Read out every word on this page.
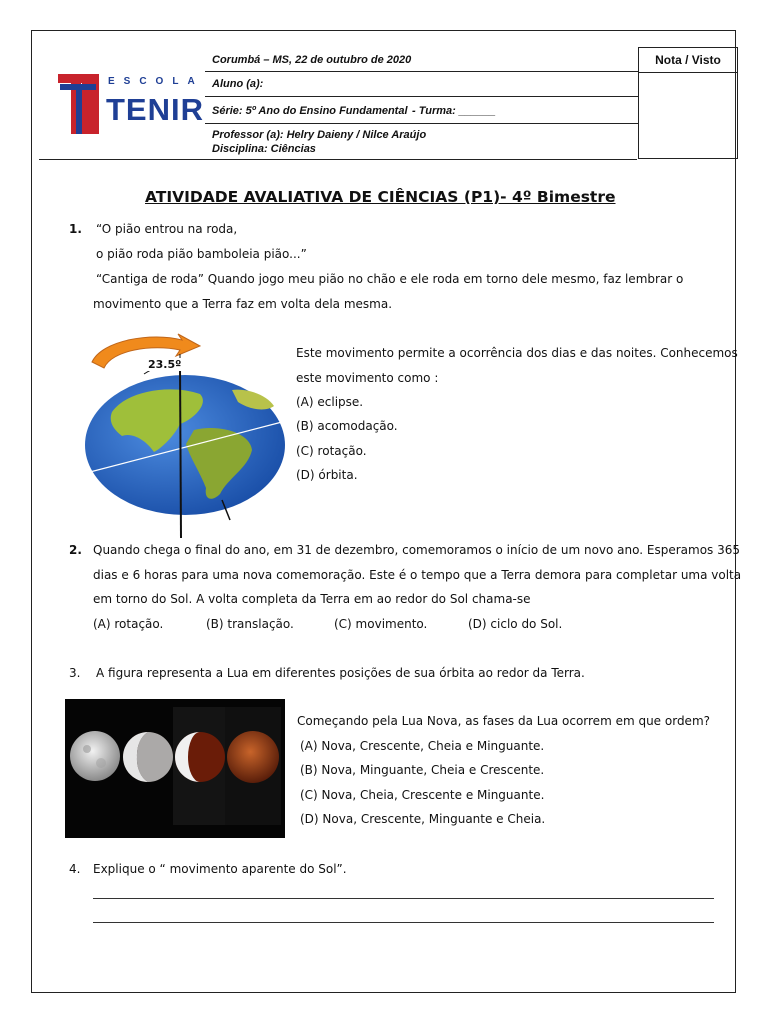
ESCOLA
TENIR
Corumbá – MS, 22 de outubro de 2020
Aluno (a):
Série: 5º Ano do Ensino Fundamental - Turma: ______
Professor (a): Helry Daieny / Nilce Araújo
Disciplina: Ciências
Nota / Visto
ATIVIDADE AVALIATIVA DE CIÊNCIAS (P1)- 4º Bimestre
1. “O pião entrou na roda,
o pião roda pião bamboleia pião...”
“Cantiga de roda” Quando jogo meu pião no chão e ele roda em torno dele mesmo, faz lembrar o
movimento que a Terra faz em volta dela mesma.
23.5º
Este movimento permite a ocorrência dos dias e das noites. Conhecemos
este movimento como :
(A) eclipse.
(B) acomodação.
(C) rotação.
(D) órbita.
2. Quando chega o final do ano, em 31 de dezembro, comemoramos o início de um novo ano. Esperamos 365
dias e 6 horas para uma nova comemoração. Este é o tempo que a Terra demora para completar uma volta
em torno do Sol. A volta completa da Terra em ao redor do Sol chama-se
(A) rotação.	(B) translação.	(C) movimento.	(D) ciclo do Sol.
3. A figura representa a Lua em diferentes posições de sua órbita ao redor da Terra.
Começando pela Lua Nova, as fases da Lua ocorrem em que ordem?
(A) Nova, Crescente, Cheia e Minguante.
(B) Nova, Minguante, Cheia e Crescente.
(C) Nova, Cheia, Crescente e Minguante.
(D) Nova, Crescente, Minguante e Cheia.
4. Explique o “ movimento aparente do Sol”.
